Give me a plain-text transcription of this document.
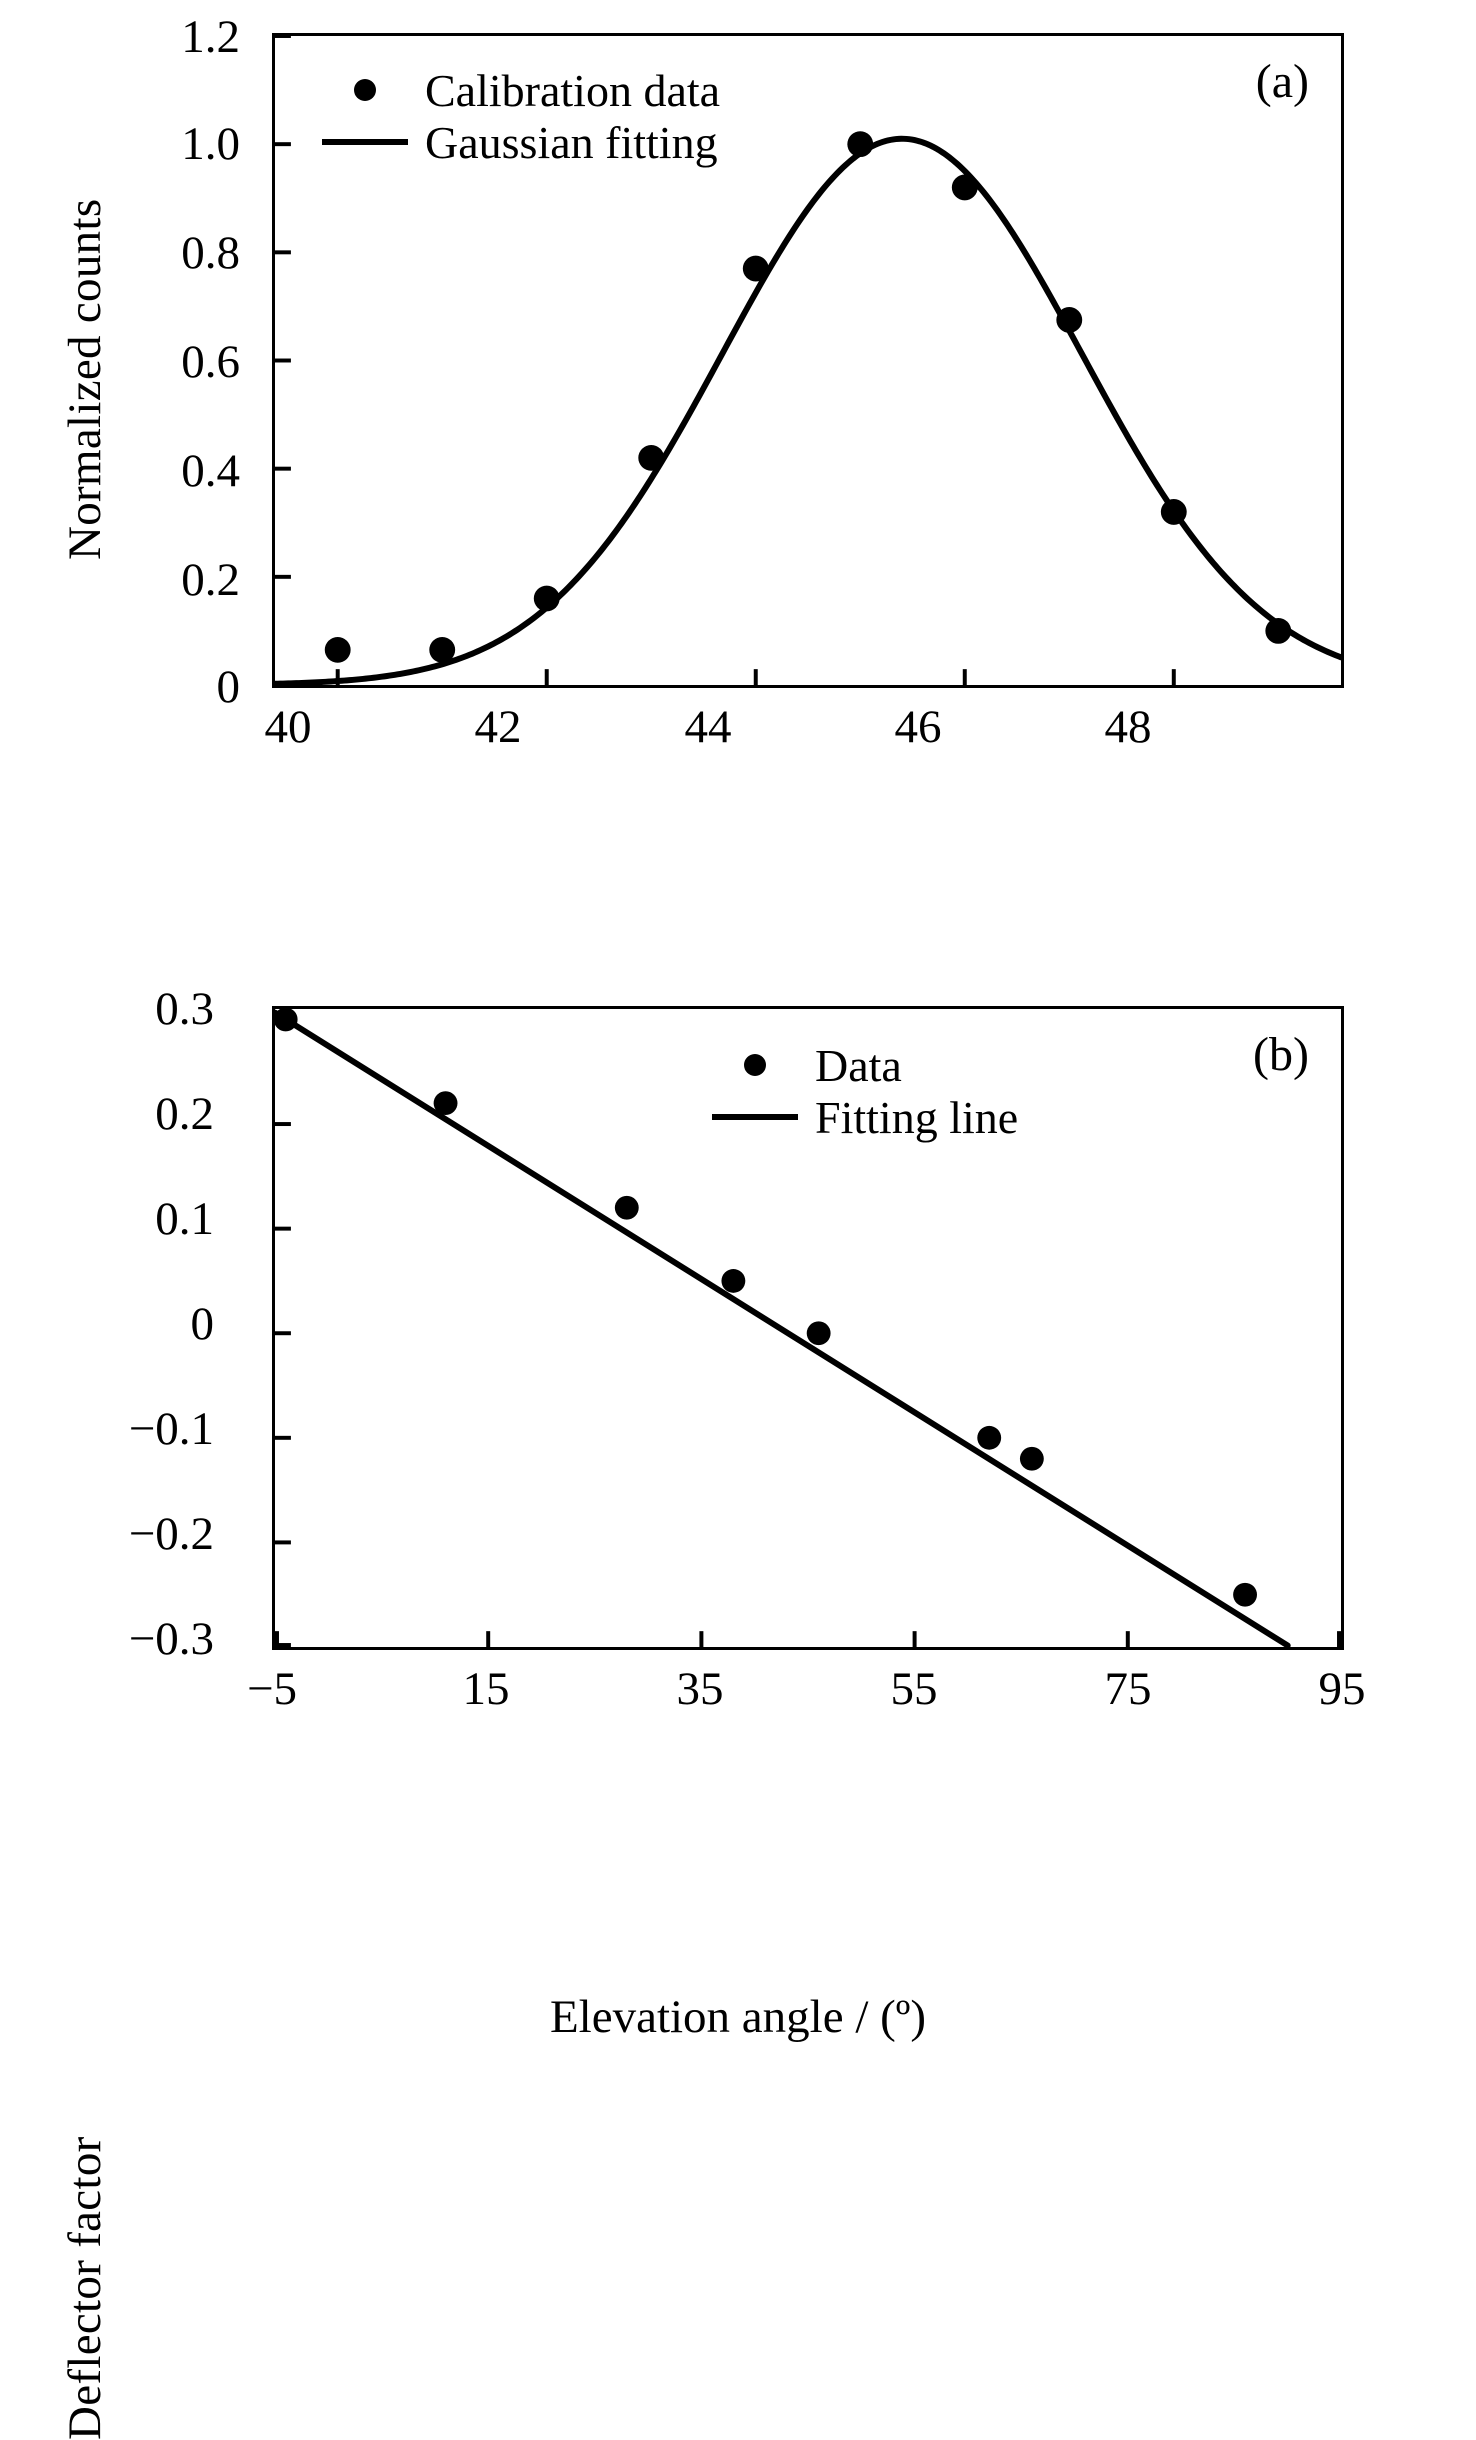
Normalized counts
1.2
1.0
0.8
0.6
0.4
0.2
0
40	42	44	46	48
(a)
Calibration data
Gaussian fitting
Deflector factor
0.3
0.2
0.1
0
−0.1
−0.2
−0.3
−5	15	35	55	75	95
(b)
Data
Fitting line
Elevation angle / (º)
